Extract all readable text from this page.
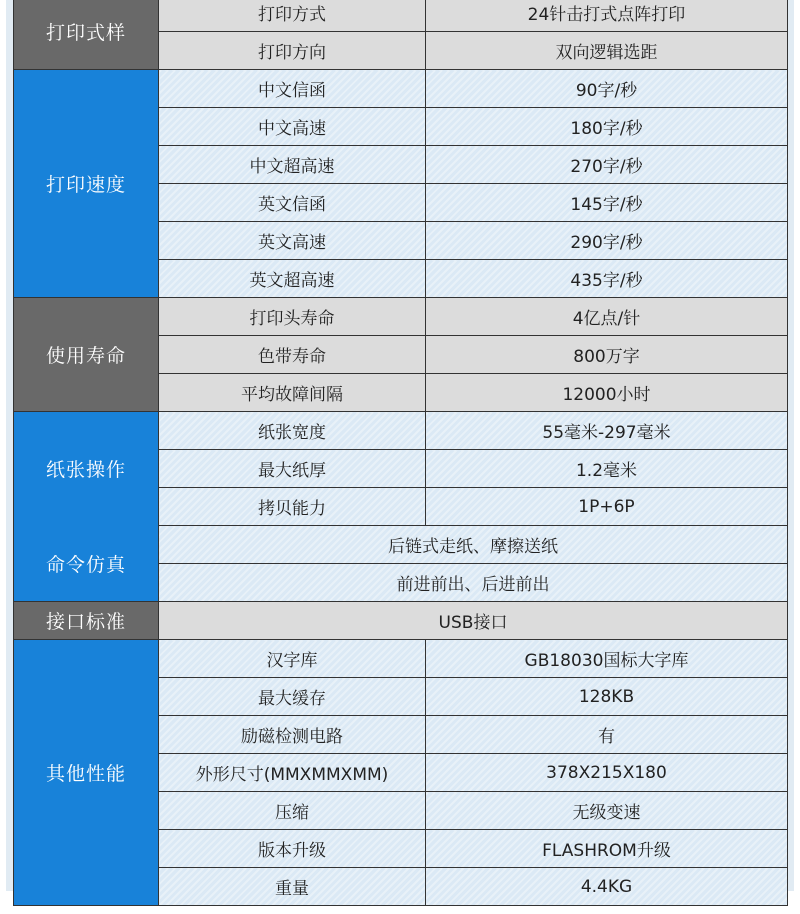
打印式样	打印方式	24针击打式点阵打印
	打印方向	双向逻辑选距
打印速度	中文信函	90字/秒
	中文高速	180字/秒
	中文超高速	270字/秒
	英文信函	145字/秒
	英文高速	290字/秒
	英文超高速	435字/秒
使用寿命	打印头寿命	4亿点/针
	色带寿命	800万字
	平均故障间隔	12000小时
纸张操作	纸张宽度	55毫米-297毫米
	最大纸厚	1.2毫米
	拷贝能力	1P+6P
命令仿真	后链式走纸、摩擦送纸	
	前进前出、后进前出	
接口标准	USB接口	
其他性能	汉字库	GB18030国标大字库
	最大缓存	128KB
	励磁检测电路	有
	外形尺寸(MMXMMXMM)	378X215X180
	压缩	无级变速
	版本升级	FLASHROM升级
	重量	4.4KG
